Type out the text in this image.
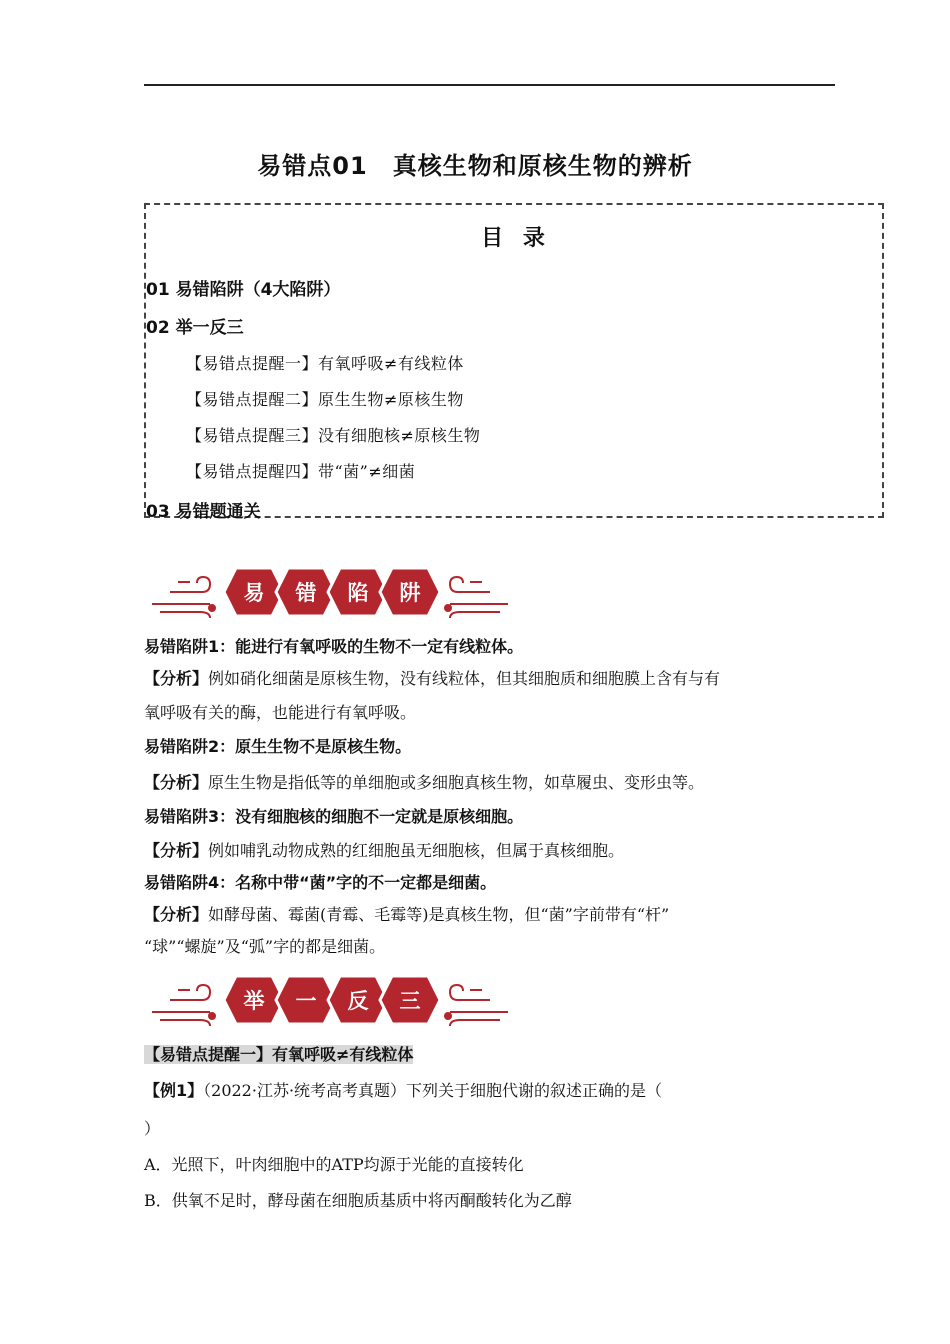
易错点01　真核生物和原核生物的辨析
目 录
01 易错陷阱（4大陷阱）
02 举一反三
【易错点提醒一】有氧呼吸≠有线粒体
【易错点提醒二】原生生物≠原核生物
【易错点提醒三】没有细胞核≠原核生物
【易错点提醒四】带“菌”≠细菌
03 易错题通关
易 错 陷 阱
易错陷阱1：能进行有氧呼吸的生物不一定有线粒体。
【分析】例如硝化细菌是原核生物，没有线粒体，但其细胞质和细胞膜上含有与有
氧呼吸有关的酶，也能进行有氧呼吸。
易错陷阱2：原生生物不是原核生物。
【分析】原生生物是指低等的单细胞或多细胞真核生物，如草履虫、变形虫等。
易错陷阱3：没有细胞核的细胞不一定就是原核细胞。
【分析】例如哺乳动物成熟的红细胞虽无细胞核，但属于真核细胞。
易错陷阱4：名称中带“菌”字的不一定都是细菌。
【分析】如酵母菌、霉菌(青霉、毛霉等)是真核生物，但“菌”字前带有“杆”
“球”“螺旋”及“弧”字的都是细菌。
举 一 反 三
【易错点提醒一】有氧呼吸≠有线粒体
【例1】（2022·江苏·统考高考真题）下列关于细胞代谢的叙述正确的是（
）
A．光照下，叶肉细胞中的ATP均源于光能的直接转化
B．供氧不足时，酵母菌在细胞质基质中将丙酮酸转化为乙醇
